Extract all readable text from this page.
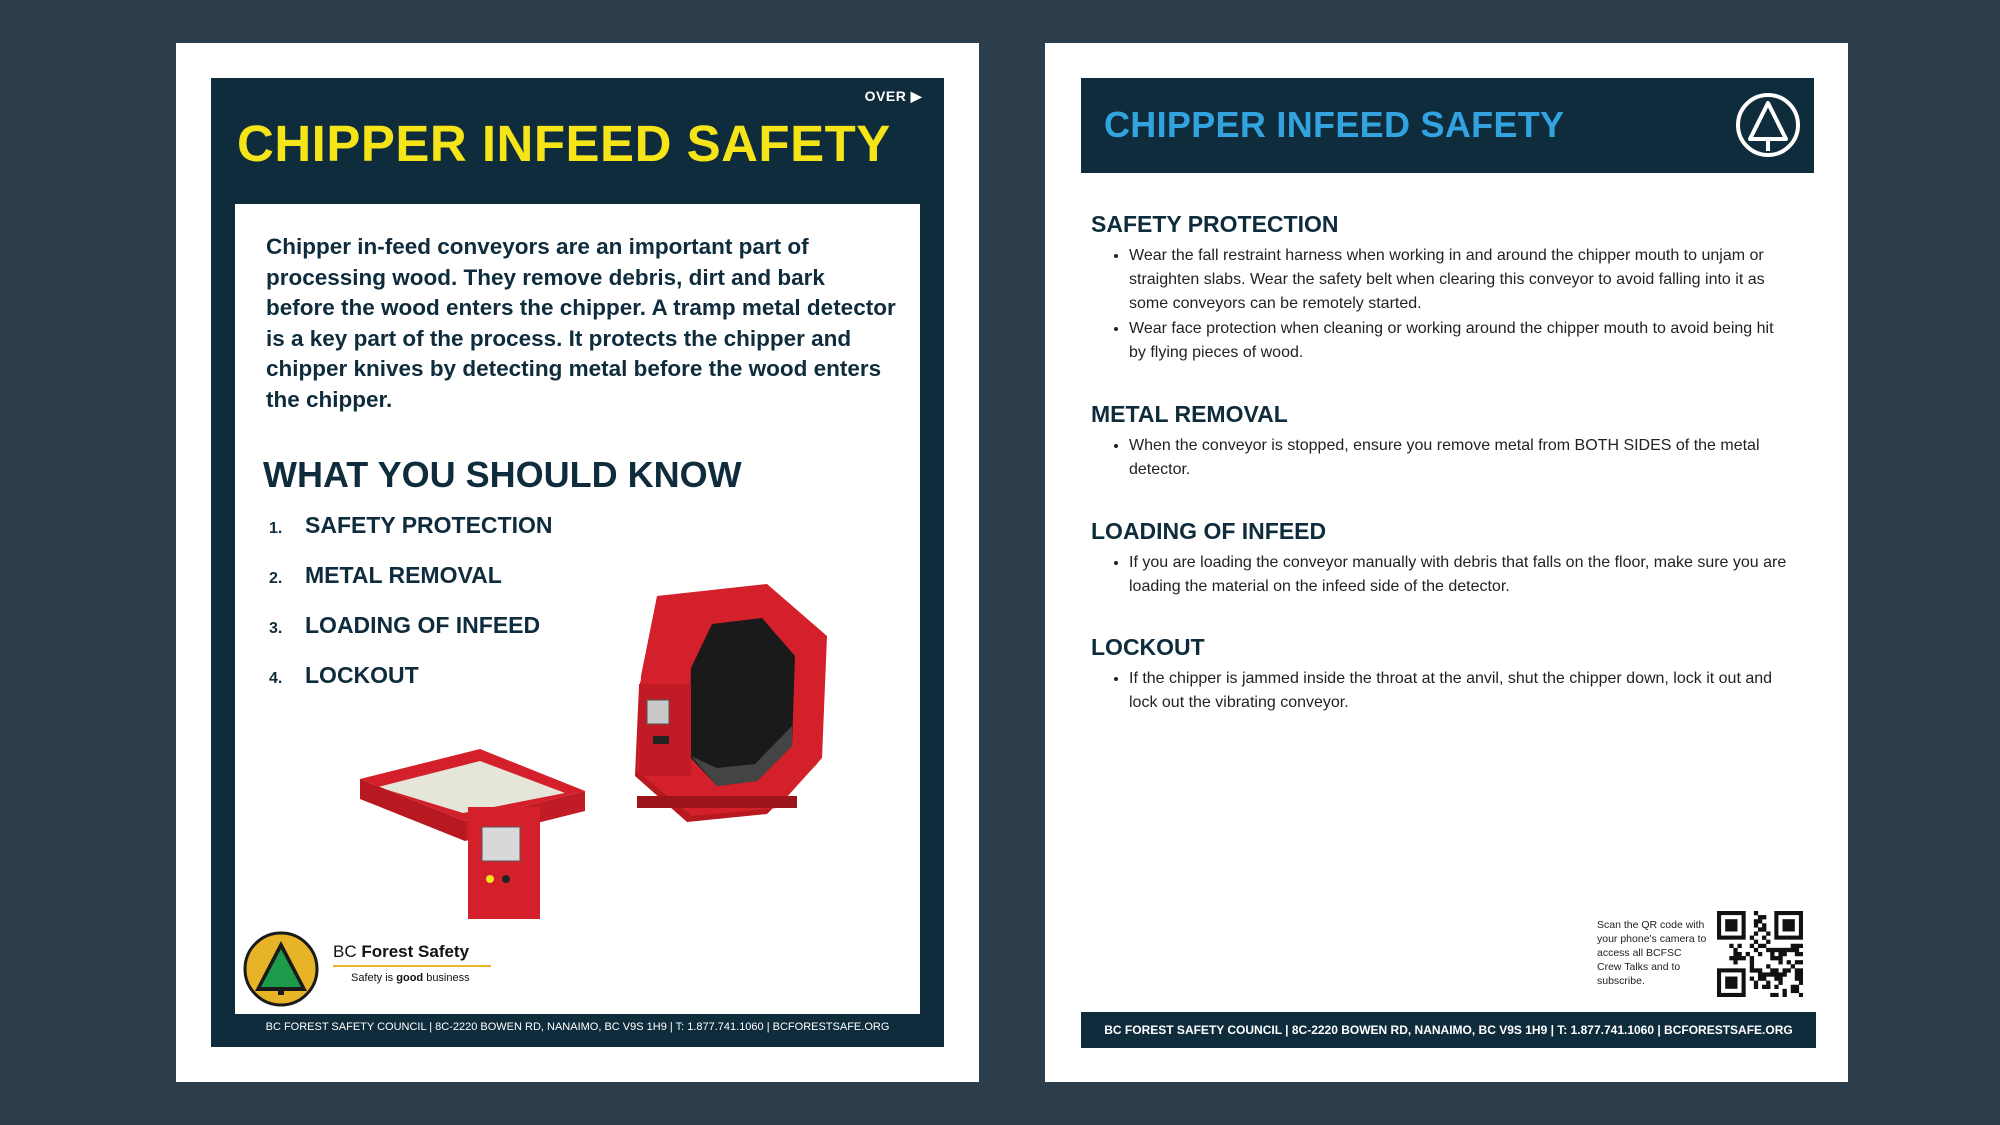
OVER ▶
CHIPPER INFEED SAFETY
Chipper in-feed conveyors are an important part of processing wood. They remove debris, dirt and bark before the wood enters the chipper. A tramp metal detector is a key part of the process. It protects the chipper and chipper knives by detecting metal before the wood enters the chipper.
WHAT YOU SHOULD KNOW
1. SAFETY PROTECTION
2. METAL REMOVAL
3. LOADING OF INFEED
4. LOCKOUT
BC Forest Safety
Safety is good business
BC FOREST SAFETY COUNCIL | 8C-2220 BOWEN RD, NANAIMO, BC V9S 1H9 | T: 1.877.741.1060 | BCFORESTSAFE.ORG
CHIPPER INFEED SAFETY
SAFETY PROTECTION
• Wear the fall restraint harness when working in and around the chipper mouth to unjam or straighten slabs. Wear the safety belt when clearing this conveyor to avoid falling into it as some conveyors can be remotely started.
• Wear face protection when cleaning or working around the chipper mouth to avoid being hit by flying pieces of wood.
METAL REMOVAL
• When the conveyor is stopped, ensure you remove metal from BOTH SIDES of the metal detector.
LOADING OF INFEED
• If you are loading the conveyor manually with debris that falls on the floor, make sure you are loading the material on the infeed side of the detector.
LOCKOUT
• If the chipper is jammed inside the throat at the anvil, shut the chipper down, lock it out and lock out the vibrating conveyor.
Scan the QR code with your phone's camera to access all BCFSC Crew Talks and to subscribe.
BC FOREST SAFETY COUNCIL | 8C-2220 BOWEN RD, NANAIMO, BC V9S 1H9 | T: 1.877.741.1060 | BCFORESTSAFE.ORG
